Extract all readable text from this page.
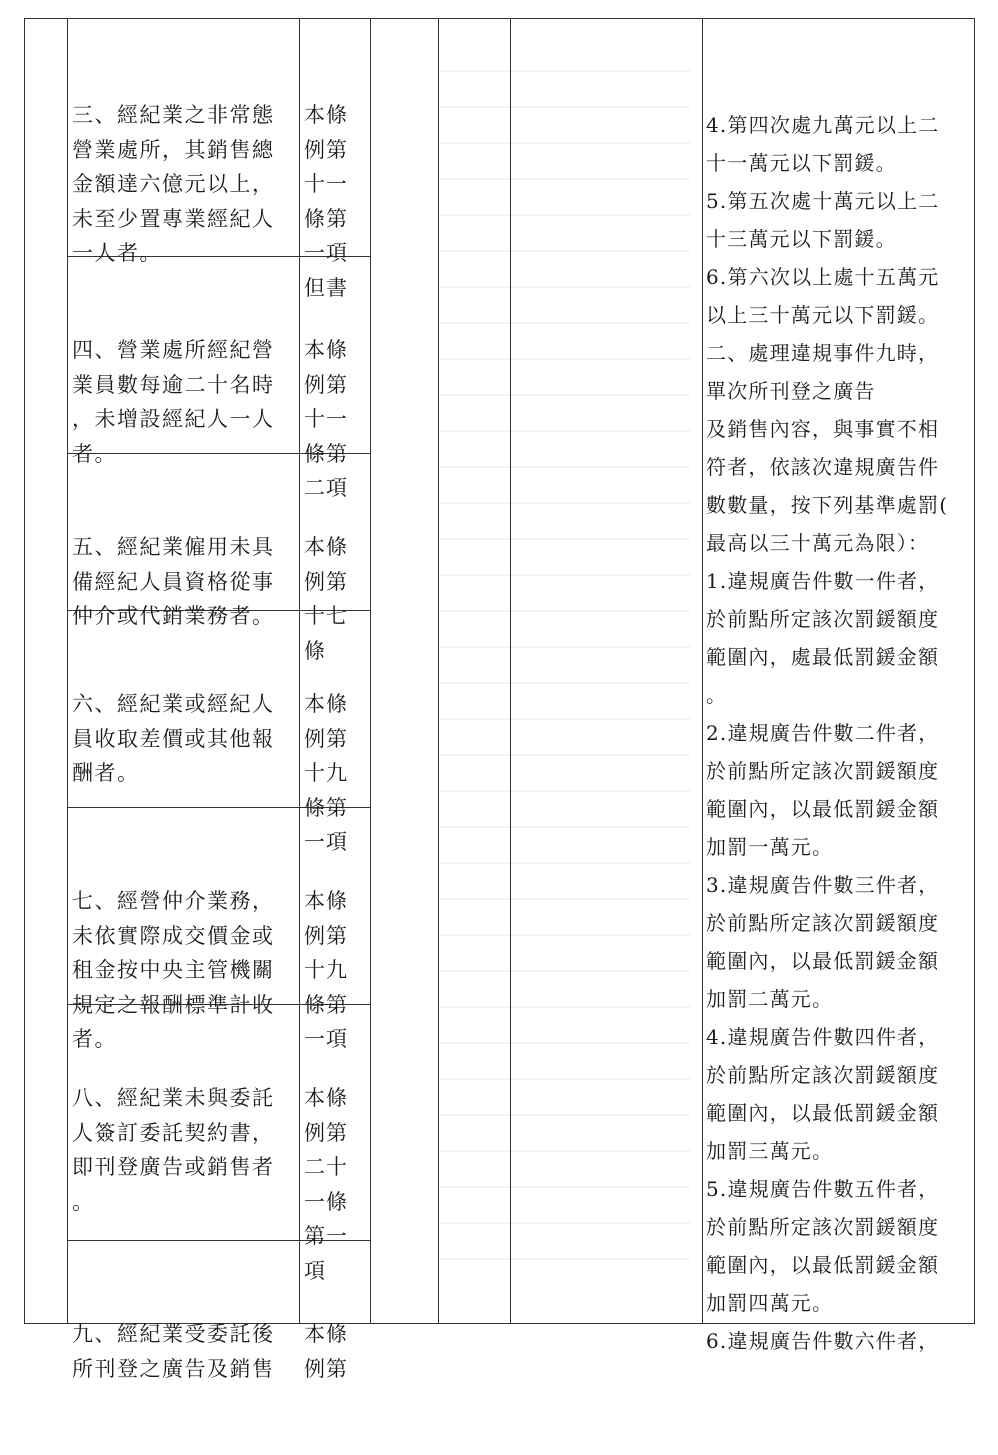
三、經紀業之非常態
營業處所，其銷售總
金額達六億元以上，
未至少置專業經紀人
一人者。

本條
例第
十一
條第
一項
但書

四、營業處所經紀營
業員數每逾二十名時
，未增設經紀人一人
者。

本條
例第
十一
條第
二項

五、經紀業僱用未具
備經紀人員資格從事
仲介或代銷業務者。

本條
例第
十七
條

六、經紀業或經紀人
員收取差價或其他報
酬者。

本條
例第
十九
條第
一項

七、經營仲介業務，
未依實際成交價金或
租金按中央主管機關
規定之報酬標準計收
者。

本條
例第
十九
條第
一項

八、經紀業未與委託
人簽訂委託契約書，
即刊登廣告或銷售者
。

本條
例第
二十
一條
第一
項

九、經紀業受委託後
所刊登之廣告及銷售

本條
例第

4.第四次處九萬元以上二
十一萬元以下罰鍰。
5.第五次處十萬元以上二
十三萬元以下罰鍰。
6.第六次以上處十五萬元
以上三十萬元以下罰鍰。
二、處理違規事件九時，
單次所刊登之廣告
及銷售內容，與事實不相
符者，依該次違規廣告件
數數量，按下列基準處罰(
最高以三十萬元為限）：
1.違規廣告件數一件者，
於前點所定該次罰鍰額度
範圍內，處最低罰鍰金額
。
2.違規廣告件數二件者，
於前點所定該次罰鍰額度
範圍內，以最低罰鍰金額
加罰一萬元。
3.違規廣告件數三件者，
於前點所定該次罰鍰額度
範圍內，以最低罰鍰金額
加罰二萬元。
4.違規廣告件數四件者，
於前點所定該次罰鍰額度
範圍內，以最低罰鍰金額
加罰三萬元。
5.違規廣告件數五件者，
於前點所定該次罰鍰額度
範圍內，以最低罰鍰金額
加罰四萬元。
6.違規廣告件數六件者，
